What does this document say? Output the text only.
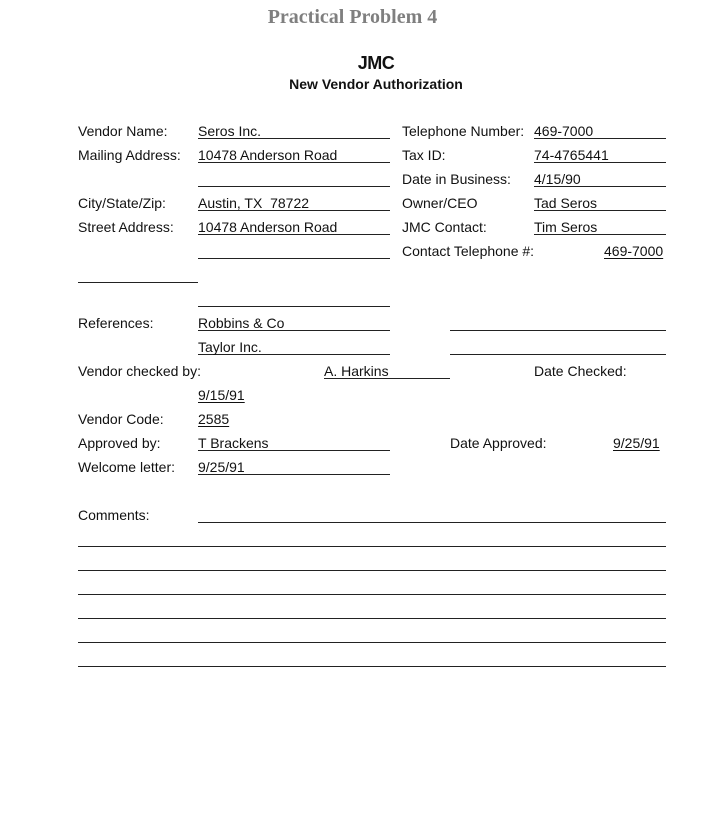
Practical Problem 4
JMC
New Vendor Authorization
Vendor Name: Seros Inc.	Telephone Number: 469-7000
Mailing Address: 10478 Anderson Road	Tax ID:	74-4765441
Date in Business: 4/15/90
City/State/Zip: Austin, TX  78722	Owner/CEO	Tad Seros
Street Address: 10478 Anderson Road	JMC Contact:	Tim Seros
Contact Telephone #:	469-7000
References:	Robbins & Co
Taylor Inc.
Vendor checked by:	A. Harkins	Date Checked:
9/15/91
Vendor Code: 2585
Approved by:	T Brackens	Date Approved:	9/25/91
Welcome letter: 9/25/91
Comments:
